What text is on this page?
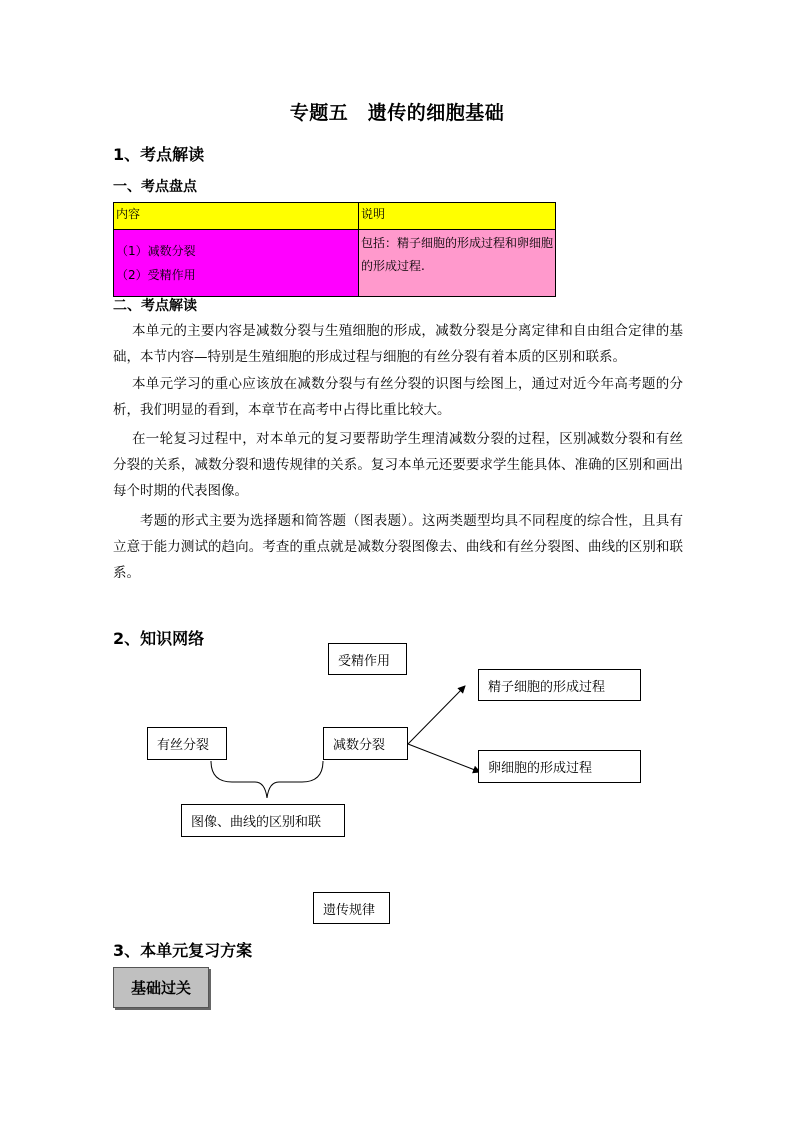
专题五　遗传的细胞基础
1、考点解读
一、考点盘点
内容	说明

（1）减数分裂
（2）受精作用	包括：精子细胞的形成过程和卵细胞的形成过程.
二、考点解读
本单元的主要内容是减数分裂与生殖细胞的形成，减数分裂是分离定律和自由组合定律的基础，本节内容—特别是生殖细胞的形成过程与细胞的有丝分裂有着本质的区别和联系。
本单元学习的重心应该放在减数分裂与有丝分裂的识图与绘图上，通过对近今年高考题的分析，我们明显的看到，本章节在高考中占得比重比较大。
在一轮复习过程中，对本单元的复习要帮助学生理清减数分裂的过程，区别减数分裂和有丝分裂的关系，减数分裂和遗传规律的关系。复习本单元还要要求学生能具体、准确的区别和画出每个时期的代表图像。
考题的形式主要为选择题和简答题（图表题）。这两类题型均具不同程度的综合性，且具有立意于能力测试的趋向。考查的重点就是减数分裂图像去、曲线和有丝分裂图、曲线的区别和联系。
2、知识网络
受精作用
精子细胞的形成过程
有丝分裂	减数分裂
卵细胞的形成过程
图像、曲线的区别和联
遗传规律
3、本单元复习方案
基础过关
